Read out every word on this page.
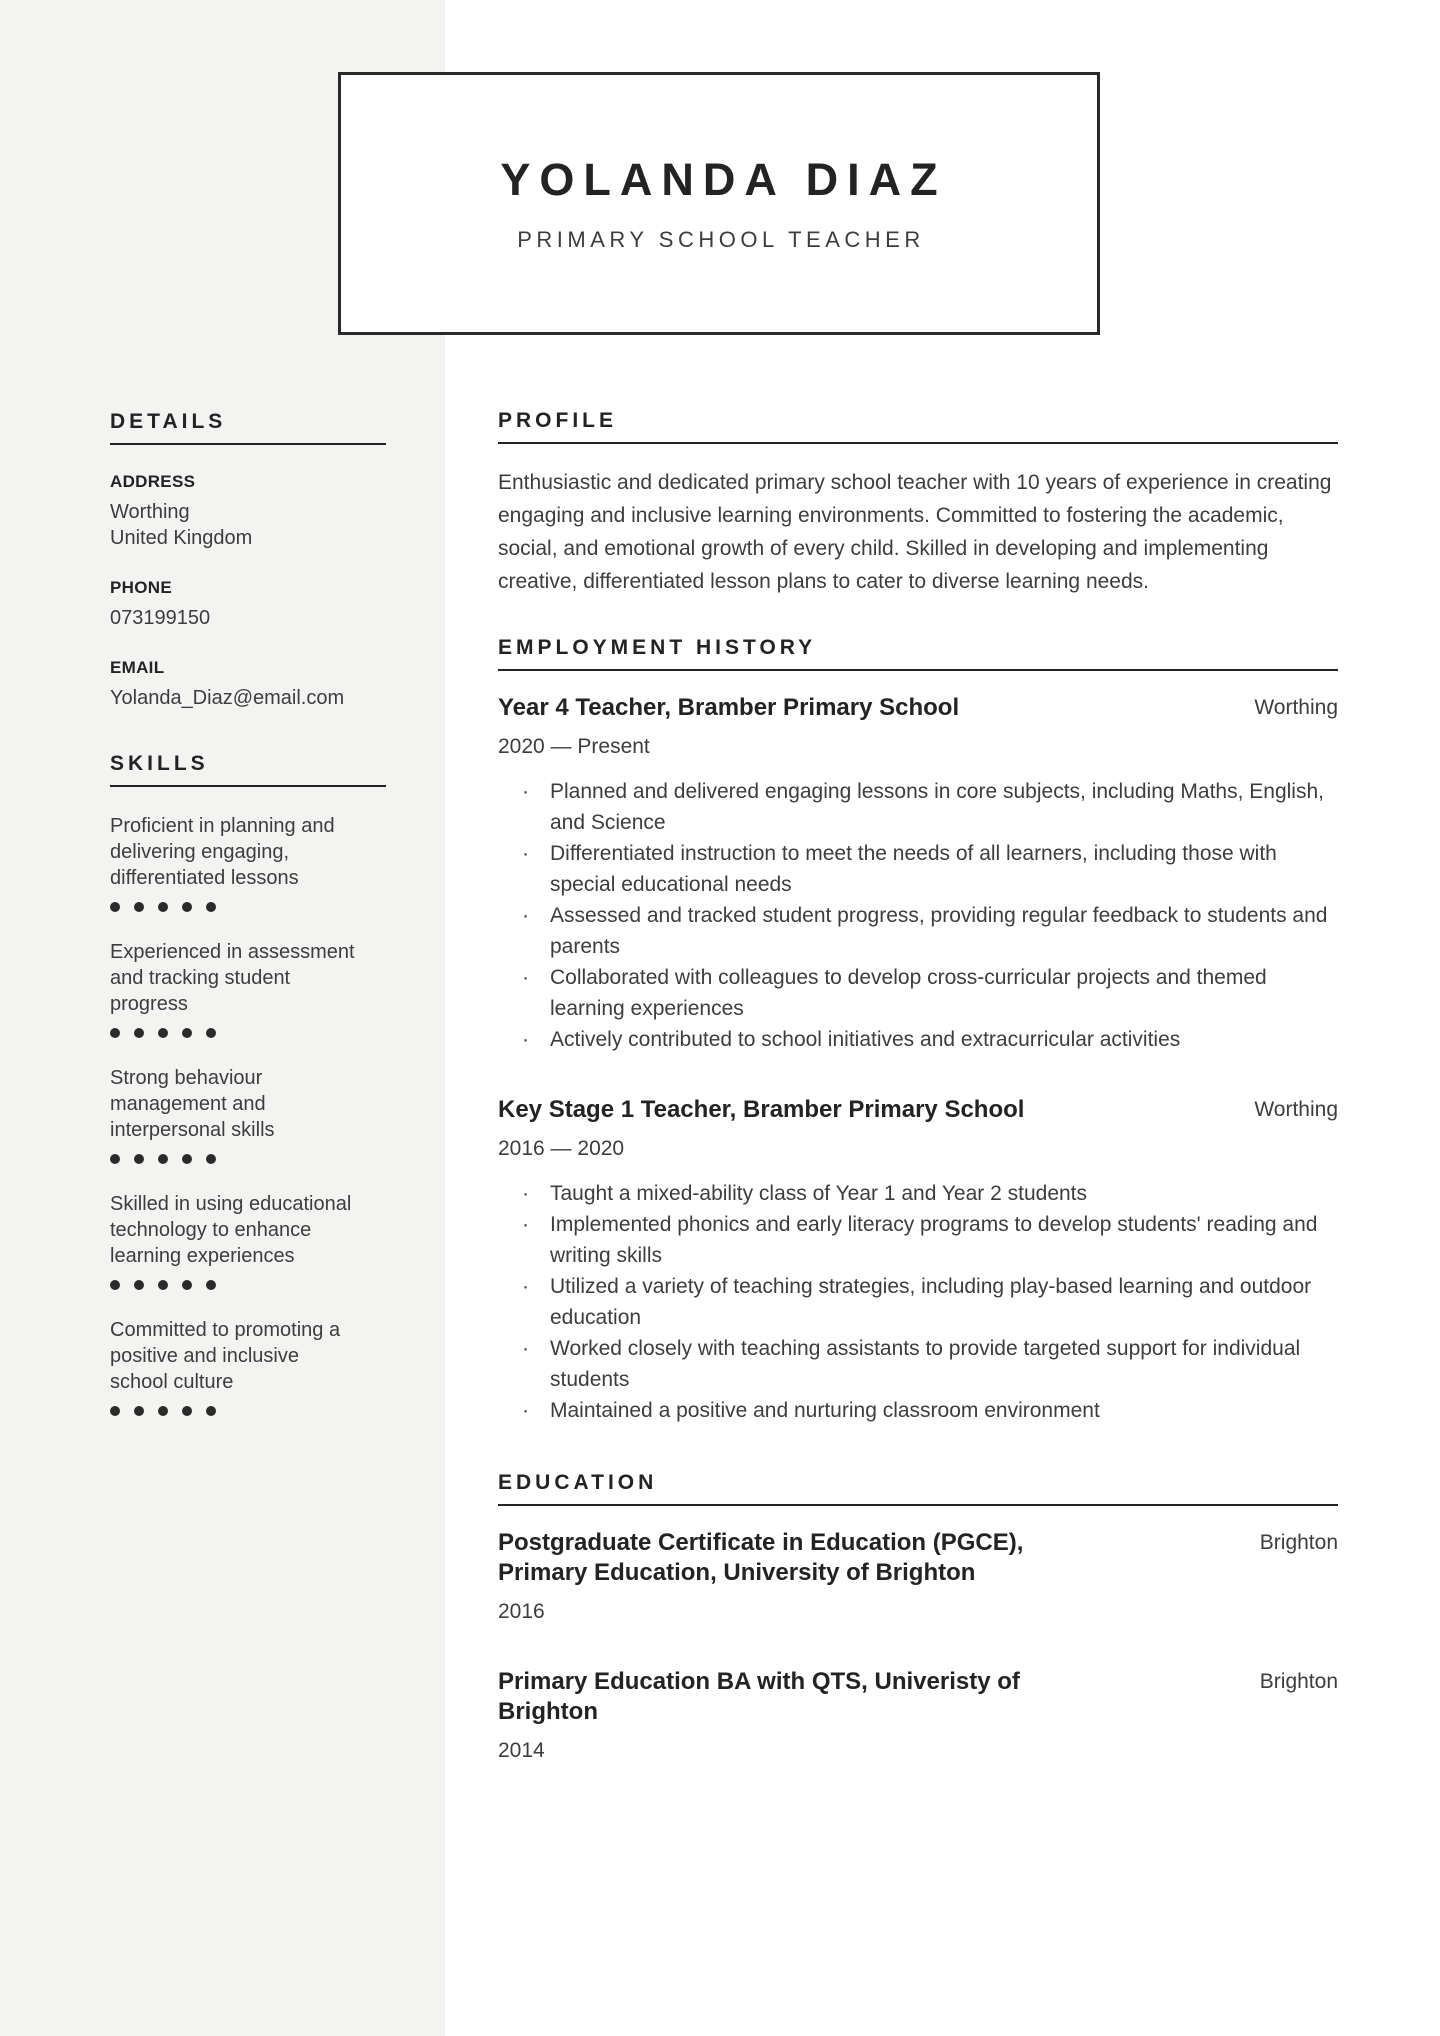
YOLANDA DIAZ
PRIMARY SCHOOL TEACHER
DETAILS
ADDRESS
Worthing
United Kingdom
PHONE
073199150
EMAIL
Yolanda_Diaz@email.com
SKILLS
Proficient in planning and delivering engaging, differentiated lessons
Experienced in assessment and tracking student progress
Strong behaviour management and interpersonal skills
Skilled in using educational technology to enhance learning experiences
Committed to promoting a positive and inclusive school culture
PROFILE
Enthusiastic and dedicated primary school teacher with 10 years of experience in creating engaging and inclusive learning environments. Committed to fostering the academic, social, and emotional growth of every child. Skilled in developing and implementing creative, differentiated lesson plans to cater to diverse learning needs.
EMPLOYMENT HISTORY
Year 4 Teacher, Bramber Primary School	Worthing
2020 — Present
· Planned and delivered engaging lessons in core subjects, including Maths, English, and Science
· Differentiated instruction to meet the needs of all learners, including those with special educational needs
· Assessed and tracked student progress, providing regular feedback to students and parents
· Collaborated with colleagues to develop cross-curricular projects and themed learning experiences
· Actively contributed to school initiatives and extracurricular activities
Key Stage 1 Teacher, Bramber Primary School	Worthing
2016 — 2020
· Taught a mixed-ability class of Year 1 and Year 2 students
· Implemented phonics and early literacy programs to develop students' reading and writing skills
· Utilized a variety of teaching strategies, including play-based learning and outdoor education
· Worked closely with teaching assistants to provide targeted support for individual students
· Maintained a positive and nurturing classroom environment
EDUCATION
Postgraduate Certificate in Education (PGCE), Primary Education, University of Brighton
Brighton
2016
Primary Education BA with QTS, Univeristy of Brighton
Brighton
2014
